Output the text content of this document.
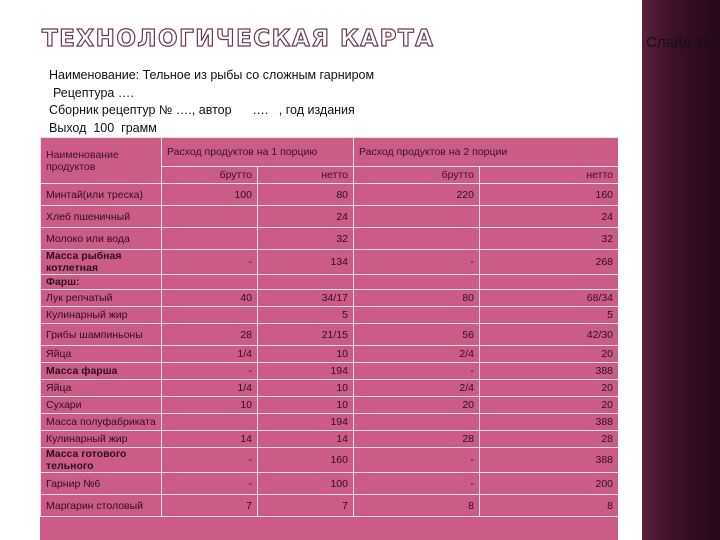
Слайд 13
ТЕХНОЛОГИЧЕСКАЯ КАРТА
Наименование: Тельное из рыбы со сложным гарниром
Рецептура ….
Сборник рецептур № …., автор      ….   , год издания
Выход  100  грамм
Наименование продуктов	Расход продуктов на 1 порцию		Расход продуктов на 2 порции	
	брутто	нетто	брутто	нетто
Минтай(или треска)	100	80	220	160
Хлеб пшеничный		24		24
Молоко или вода		32		32
Масса рыбная котлетная	-	134	-	268
Фарш:				
Лук репчатый	40	34/17	80	68/34
Кулинарный жир		5		5
Грибы шампиньоны	28	21/15	56	42/30
Яйца	1/4	10	2/4	20
Масса фарша	-	194	-	388
Яйца	1/4	10	2/4	20
Сухари	10	10	20	20
Масса полуфабриката		194		388
Кулинарный жир	14	14	28	28
Масса готового тельного	-	160	-	388
Гарнир №6	-	100	-	200
Маргарин столовый	7	7	8	8
